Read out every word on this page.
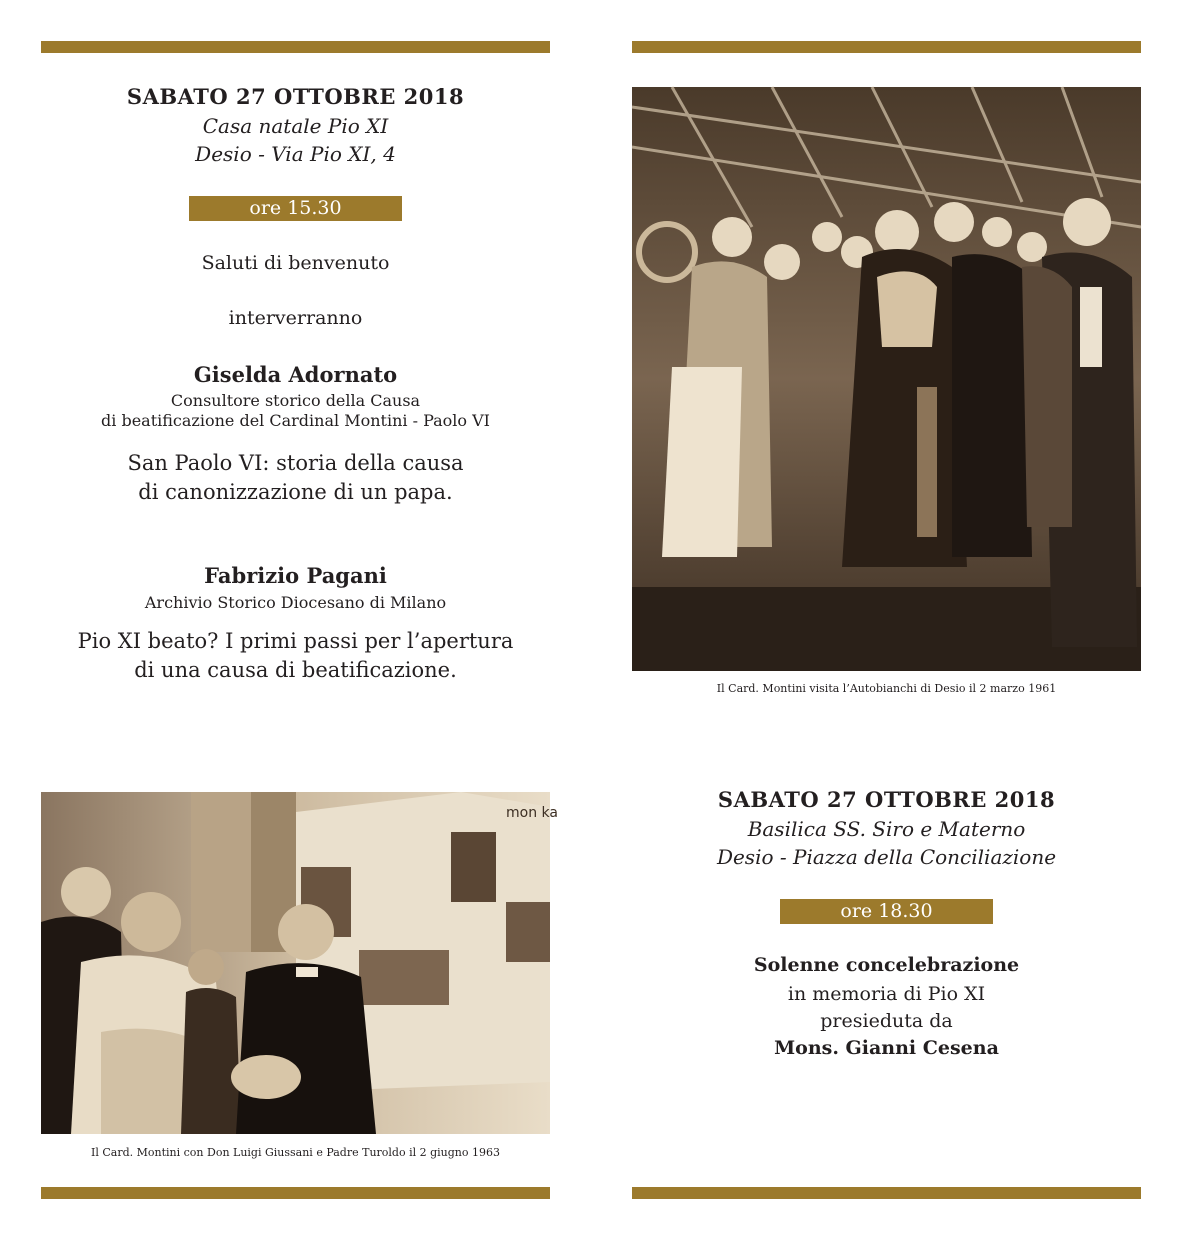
SABATO 27 OTTOBRE 2018
Casa natale Pio XI
Desio - Via Pio XI, 4
ore 15.30
Saluti di benvenuto
interverranno
Giselda Adornato
Consultore storico della Causa
di beatificazione del Cardinal Montini - Paolo VI
San Paolo VI: storia della causa
di canonizzazione di un papa.
Fabrizio Pagani
Archivio Storico Diocesano di Milano
Pio XI beato? I primi passi per l’apertura
di una causa di beatificazione.
Il Card. Montini visita l’Autobianchi di Desio il 2 marzo 1961
mon ka
Il Card. Montini con Don Luigi Giussani e Padre Turoldo il 2 giugno 1963
SABATO 27 OTTOBRE 2018
Basilica SS. Siro e Materno
Desio - Piazza della Conciliazione
ore 18.30
Solenne concelebrazione
in memoria di Pio XI
presieduta da
Mons. Gianni Cesena
